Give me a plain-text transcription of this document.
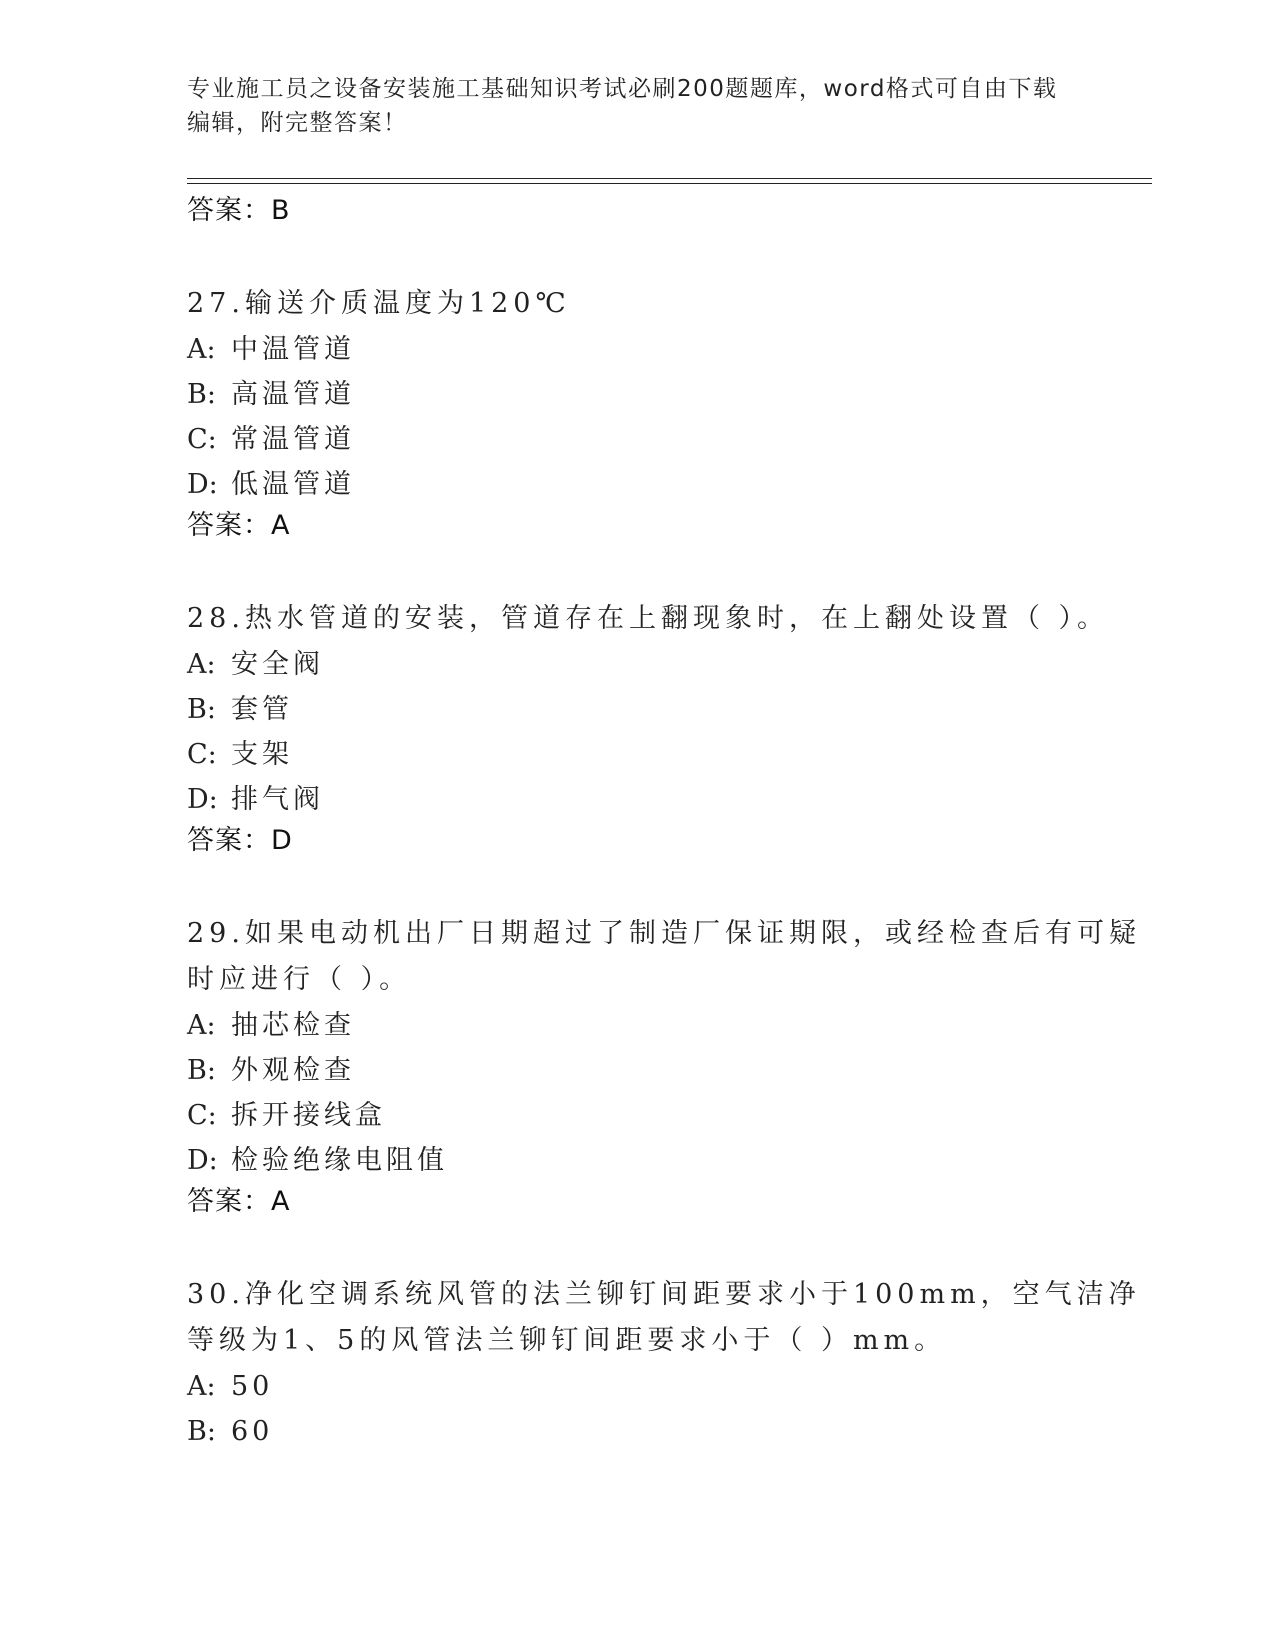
专业施工员之设备安装施工基础知识考试必刷200题题库，word格式可自由下载
编辑，附完整答案！
答案：B
27.输送介质温度为120℃
A: 中温管道
B: 高温管道
C: 常温管道
D: 低温管道
答案：A
28.热水管道的安装，管道存在上翻现象时，在上翻处设置（ ）。
A: 安全阀
B: 套管
C: 支架
D: 排气阀
答案：D
29.如果电动机出厂日期超过了制造厂保证期限，或经检查后有可疑时应进行（ ）。
A: 抽芯检查
B: 外观检查
C: 拆开接线盒
D: 检验绝缘电阻值
答案：A
30.净化空调系统风管的法兰铆钉间距要求小于100mm，空气洁净等级为1、5的风管法兰铆钉间距要求小于（ ）mm。
A: 50
B: 60
